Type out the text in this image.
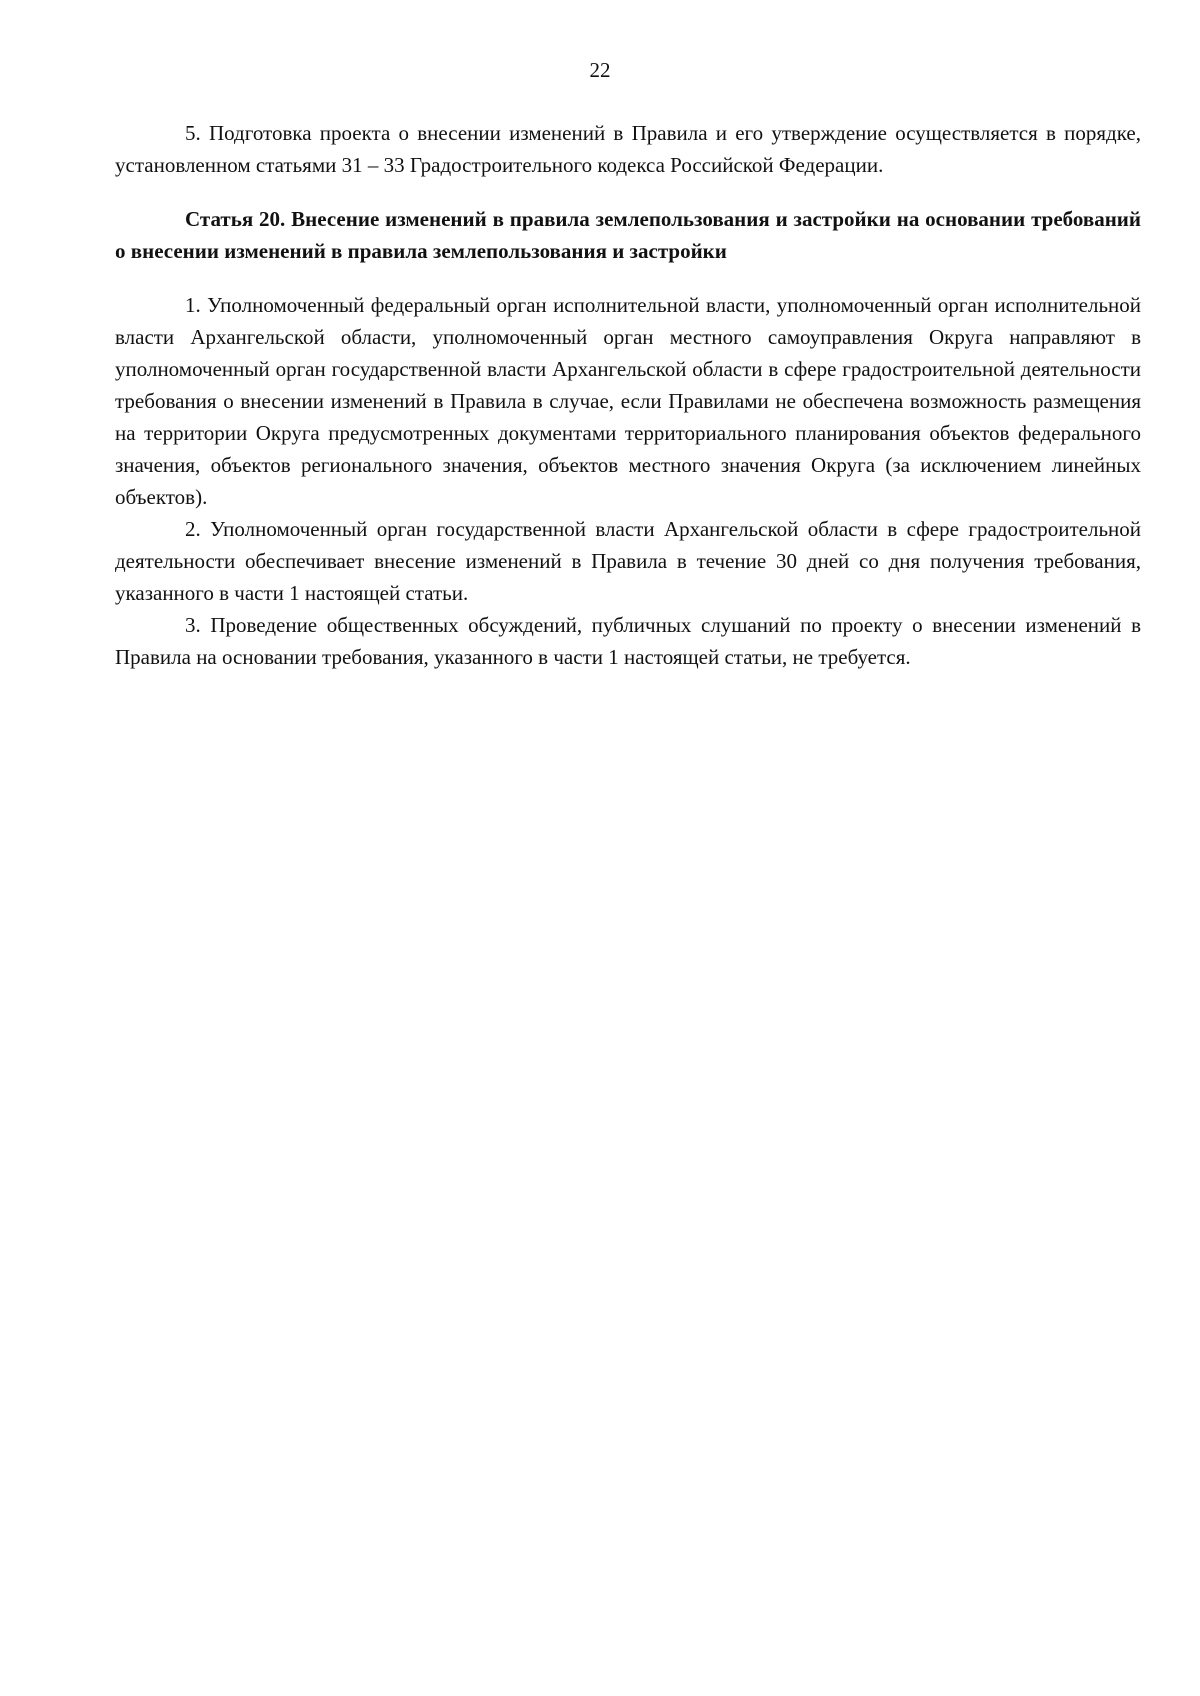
22

5. Подготовка проекта о внесении изменений в Правила и его утверждение осуществляется в порядке, установленном статьями 31 – 33 Градостроительного кодекса Российской Федерации.

Статья 20. Внесение изменений в правила землепользования и застройки на основании требований о внесении изменений в правила землепользования и застройки

1. Уполномоченный федеральный орган исполнительной власти, уполномоченный орган исполнительной власти Архангельской области, уполномоченный орган местного самоуправления Округа направляют в уполномоченный орган государственной власти Архангельской области в сфере градостроительной деятельности требования о внесении изменений в Правила в случае, если Правилами не обеспечена возможность размещения на территории Округа предусмотренных документами территориального планирования объектов федерального значения, объектов регионального значения, объектов местного значения Округа (за исключением линейных объектов).

2. Уполномоченный орган государственной власти Архангельской области в сфере градостроительной деятельности обеспечивает внесение изменений в Правила в течение 30 дней со дня получения требования, указанного в части 1 настоящей статьи.

3. Проведение общественных обсуждений, публичных слушаний по проекту о внесении изменений в Правила на основании требования, указанного в части 1 настоящей статьи, не требуется.
